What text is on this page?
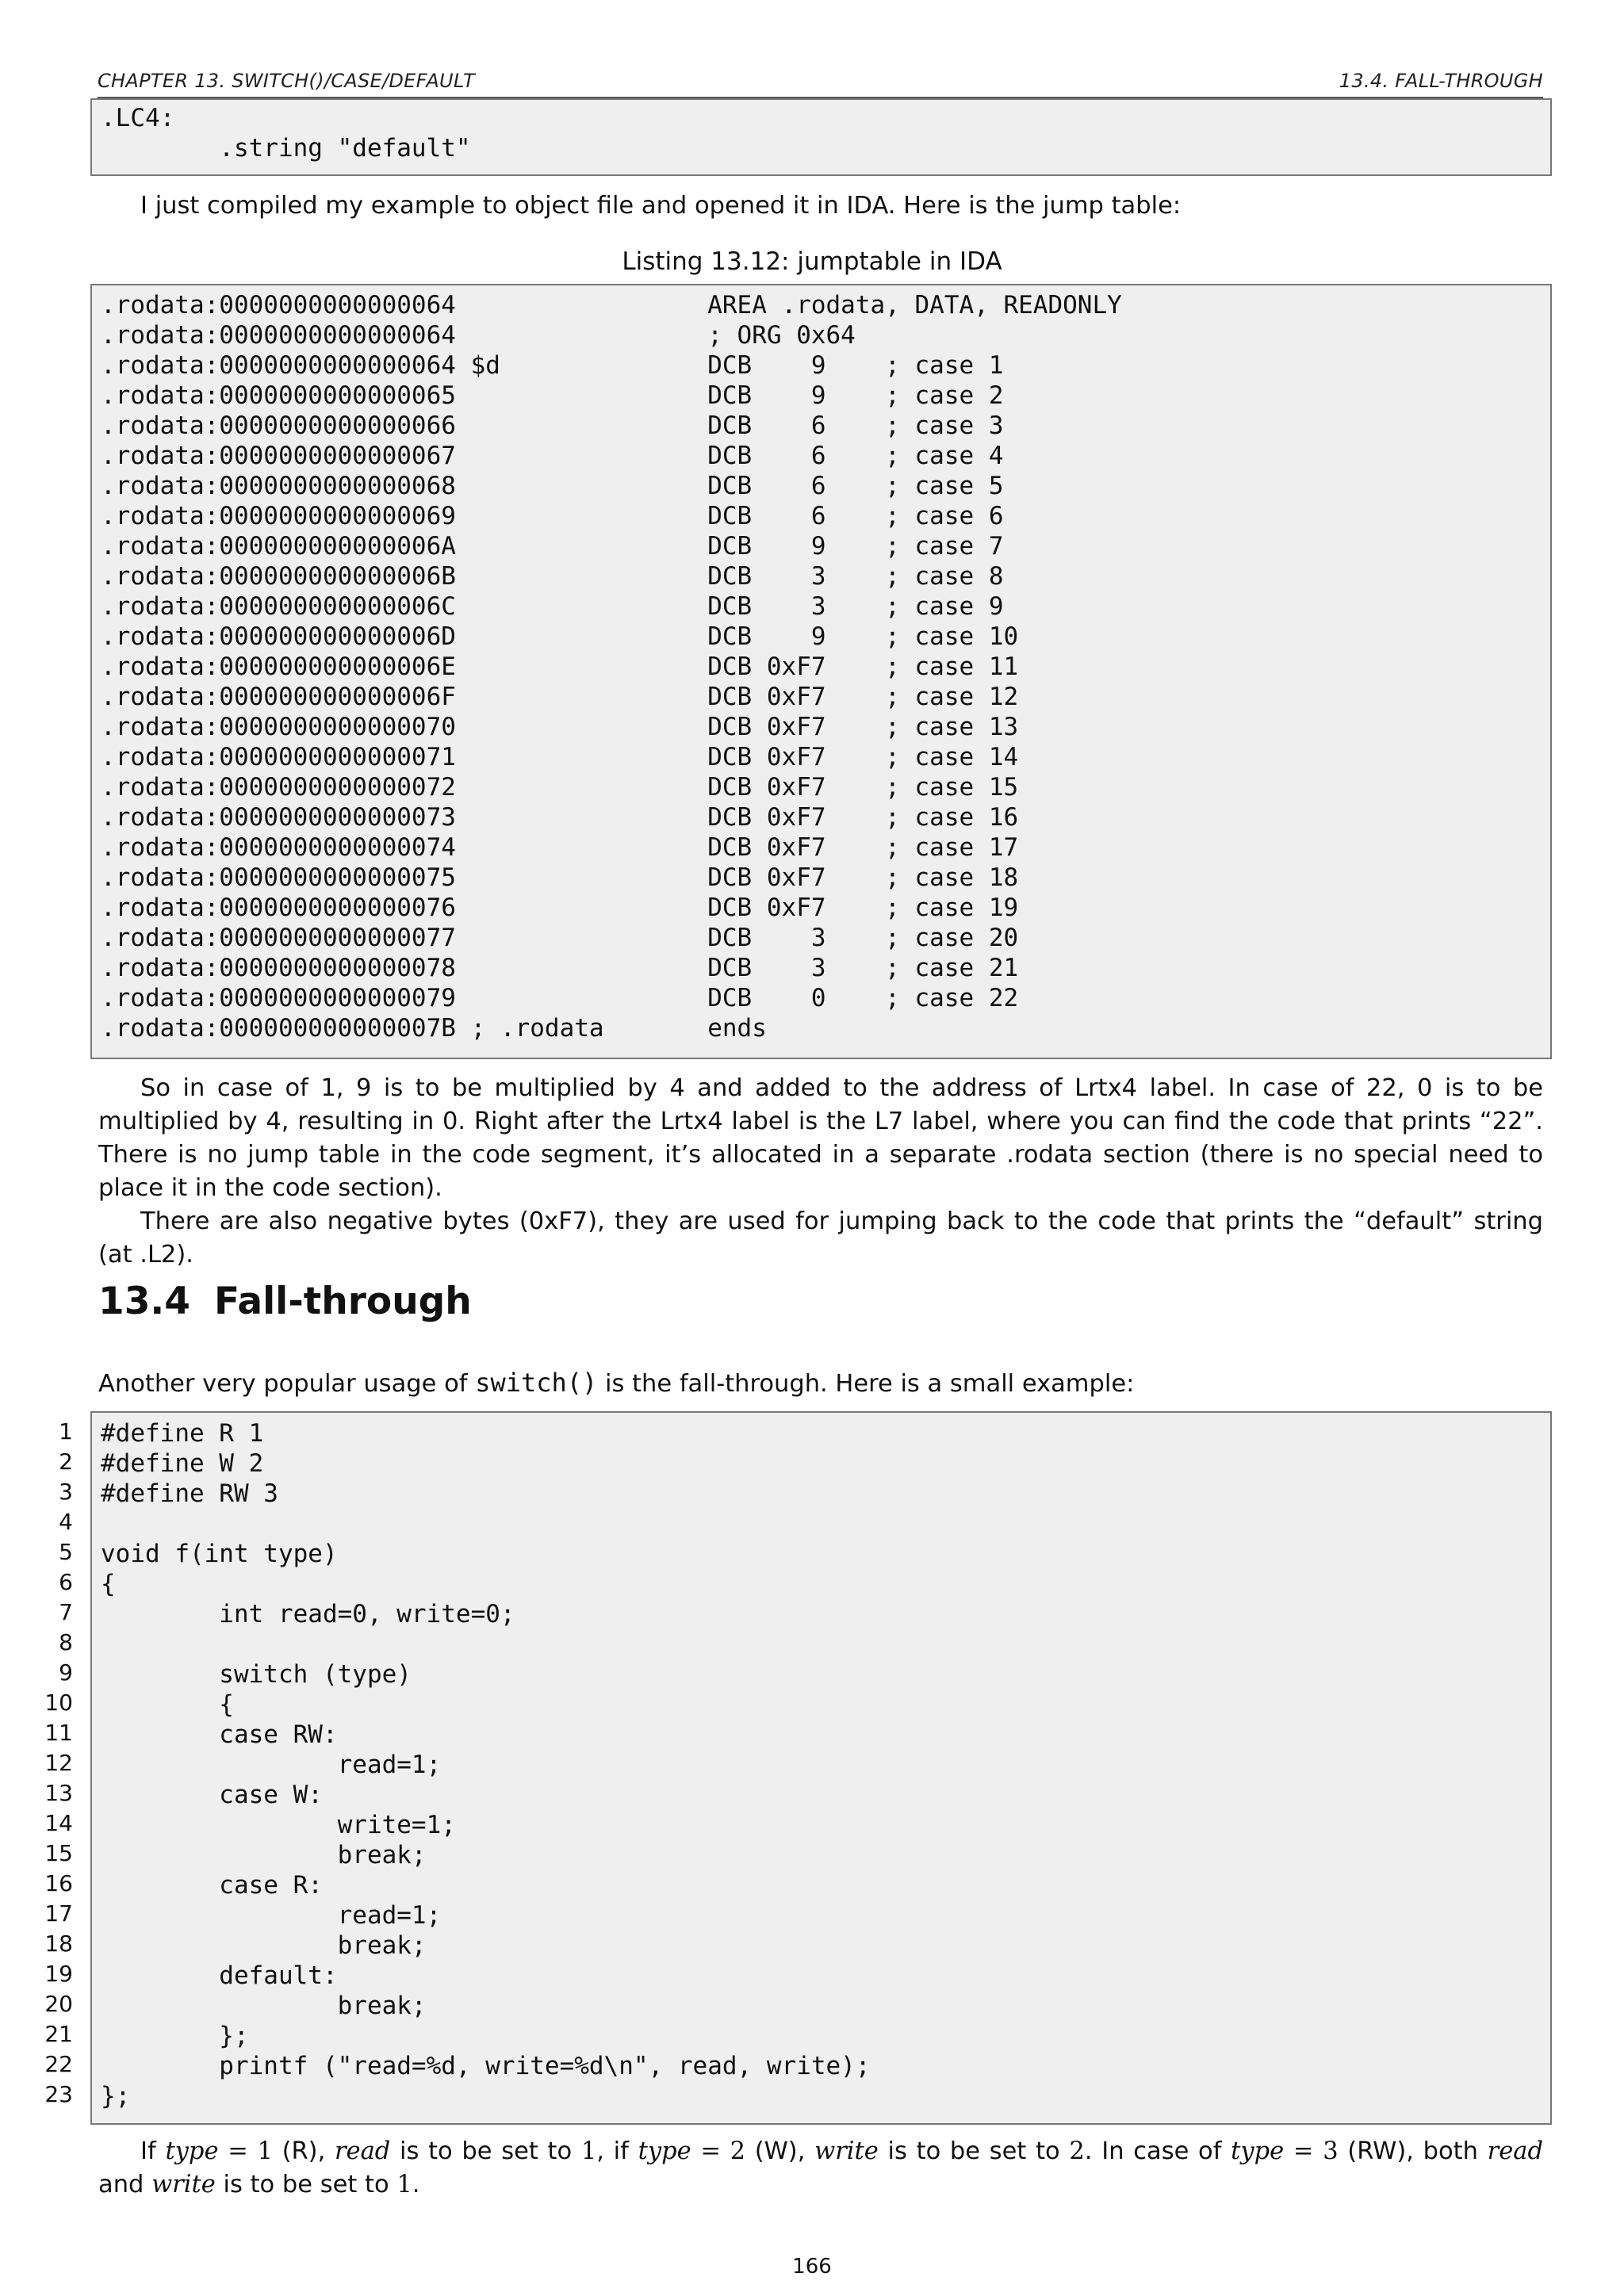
CHAPTER 13. SWITCH()/CASE/DEFAULT	13.4. FALL-THROUGH
.LC4:
.string "default"

I just compiled my example to object file and opened it in IDA. Here is the jump table:

Listing 13.12: jumptable in IDA
.rodata:0000000000000064                 AREA .rodata, DATA, READONLY
.rodata:0000000000000064                 ; ORG 0x64
.rodata:0000000000000064 $d              DCB    9    ; case 1
.rodata:0000000000000065                 DCB    9    ; case 2
.rodata:0000000000000066                 DCB    6    ; case 3
.rodata:0000000000000067                 DCB    6    ; case 4
.rodata:0000000000000068                 DCB    6    ; case 5
.rodata:0000000000000069                 DCB    6    ; case 6
.rodata:000000000000006A                 DCB    9    ; case 7
.rodata:000000000000006B                 DCB    3    ; case 8
.rodata:000000000000006C                 DCB    3    ; case 9
.rodata:000000000000006D                 DCB    9    ; case 10
.rodata:000000000000006E                 DCB 0xF7    ; case 11
.rodata:000000000000006F                 DCB 0xF7    ; case 12
.rodata:0000000000000070                 DCB 0xF7    ; case 13
.rodata:0000000000000071                 DCB 0xF7    ; case 14
.rodata:0000000000000072                 DCB 0xF7    ; case 15
.rodata:0000000000000073                 DCB 0xF7    ; case 16
.rodata:0000000000000074                 DCB 0xF7    ; case 17
.rodata:0000000000000075                 DCB 0xF7    ; case 18
.rodata:0000000000000076                 DCB 0xF7    ; case 19
.rodata:0000000000000077                 DCB    3    ; case 20
.rodata:0000000000000078                 DCB    3    ; case 21
.rodata:0000000000000079                 DCB    0    ; case 22
.rodata:000000000000007B ; .rodata       ends

So in case of 1, 9 is to be multiplied by 4 and added to the address of Lrtx4 label. In case of 22, 0 is to be multiplied by 4, resulting in 0. Right after the Lrtx4 label is the L7 label, where you can find the code that prints “22”. There is no jump table in the code segment, it’s allocated in a separate .rodata section (there is no special need to place it in the code section).

There are also negative bytes (0xF7), they are used for jumping back to the code that prints the “default” string (at .L2).

13.4 Fall-through

Another very popular usage of switch() is the fall-through. Here is a small example:

1
2
3
4
5
6
7
8
9
10
11
12
13
14
15
16
17
18
19
20
21
22
23
#define R 1
#define W 2
#define RW 3
void f(int type)
{
int read=0, write=0;
switch (type)
{
case RW:
read=1;
case W:
write=1;
break;
case R:
read=1;
break;
default:
break;
};
printf ("read=%d, write=%d\n", read, write);
};

If type = 1 (R), read is to be set to 1, if type = 2 (W), write is to be set to 2. In case of type = 3 (RW), both read and write is to be set to 1.

166
